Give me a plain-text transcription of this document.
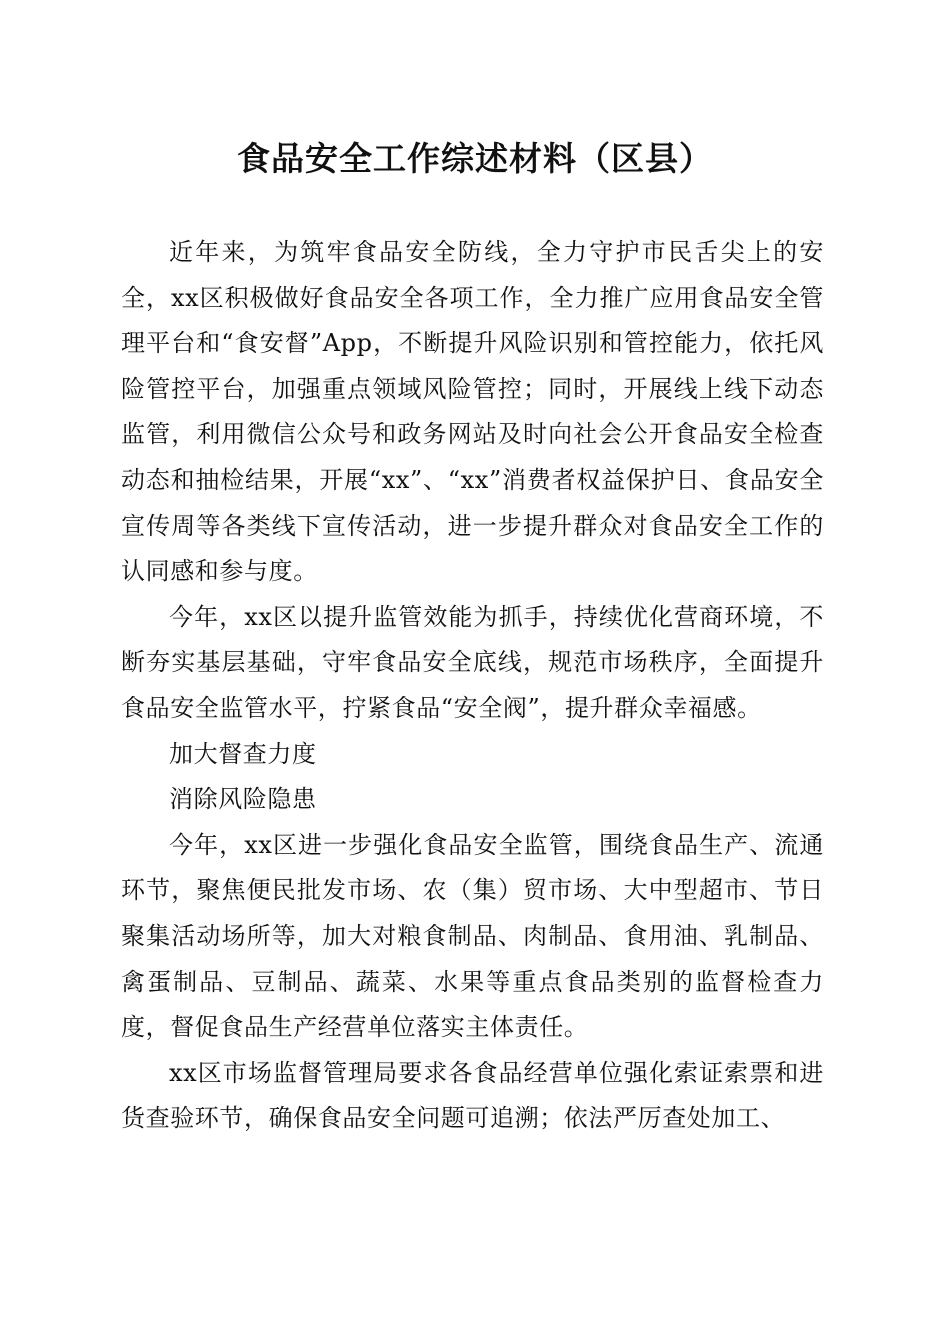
食品安全工作综述材料（区县）

近年来，为筑牢食品安全防线，全力守护市民舌尖上的安全，xx区积极做好食品安全各项工作，全力推广应用食品安全管理平台和“食安督”App，不断提升风险识别和管控能力，依托风险管控平台，加强重点领域风险管控；同时，开展线上线下动态监管，利用微信公众号和政务网站及时向社会公开食品安全检查动态和抽检结果，开展“xx”、“xx”消费者权益保护日、食品安全宣传周等各类线下宣传活动，进一步提升群众对食品安全工作的认同感和参与度。

今年，xx区以提升监管效能为抓手，持续优化营商环境，不断夯实基层基础，守牢食品安全底线，规范市场秩序，全面提升食品安全监管水平，拧紧食品“安全阀”，提升群众幸福感。

加大督查力度

消除风险隐患

今年，xx区进一步强化食品安全监管，围绕食品生产、流通环节，聚焦便民批发市场、农（集）贸市场、大中型超市、节日聚集活动场所等，加大对粮食制品、肉制品、食用油、乳制品、禽蛋制品、豆制品、蔬菜、水果等重点食品类别的监督检查力度，督促食品生产经营单位落实主体责任。

xx区市场监督管理局要求各食品经营单位强化索证索票和进货查验环节，确保食品安全问题可追溯；依法严厉查处加工、
